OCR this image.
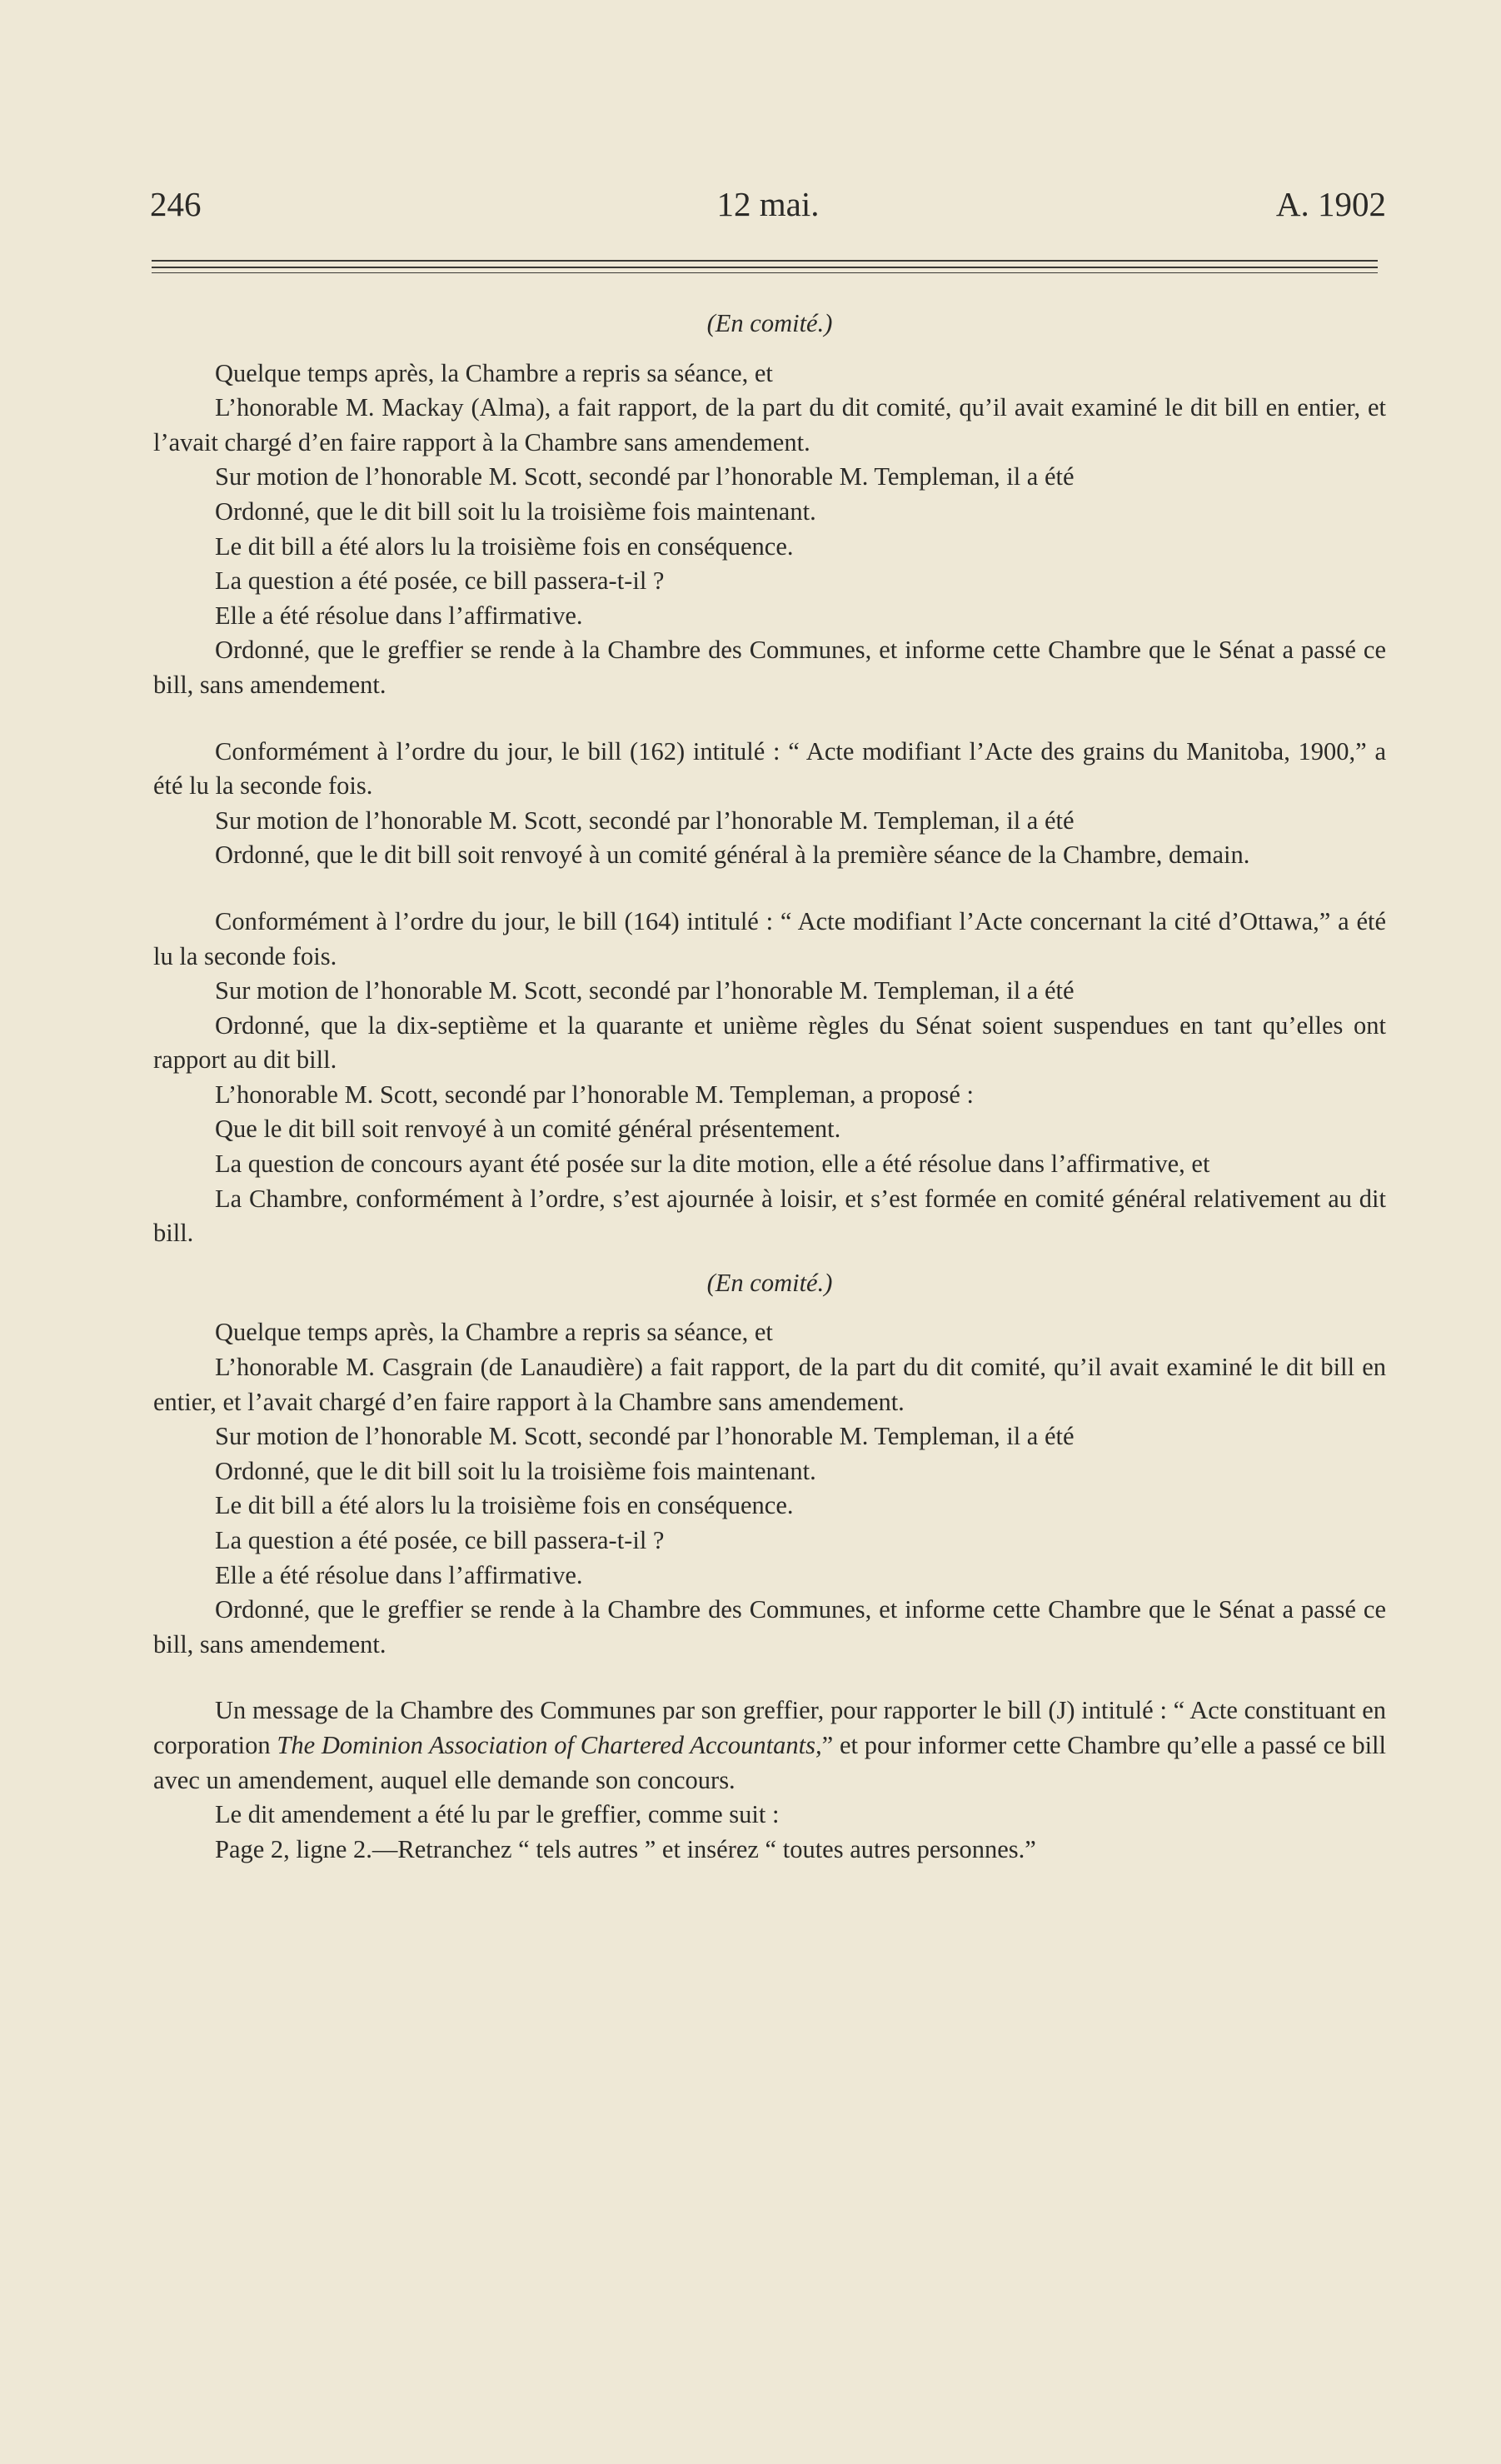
246	12 mai.	A. 1902

(En comité.)

Quelque temps après, la Chambre a repris sa séance, et

L’honorable M. Mackay (Alma), a fait rapport, de la part du dit comité, qu’il avait examiné le dit bill en entier, et l’avait chargé d’en faire rapport à la Chambre sans amendement.

Sur motion de l’honorable M. Scott, secondé par l’honorable M. Templeman, il a été

Ordonné, que le dit bill soit lu la troisième fois maintenant.

Le dit bill a été alors lu la troisième fois en conséquence.

La question a été posée, ce bill passera-t-il ?

Elle a été résolue dans l’affirmative.

Ordonné, que le greffier se rende à la Chambre des Communes, et informe cette Chambre que le Sénat a passé ce bill, sans amendement.

Conformément à l’ordre du jour, le bill (162) intitulé : “ Acte modifiant l’Acte des grains du Manitoba, 1900,” a été lu la seconde fois.

Sur motion de l’honorable M. Scott, secondé par l’honorable M. Templeman, il a été

Ordonné, que le dit bill soit renvoyé à un comité général à la première séance de la Chambre, demain.

Conformément à l’ordre du jour, le bill (164) intitulé : “ Acte modifiant l’Acte concernant la cité d’Ottawa,” a été lu la seconde fois.

Sur motion de l’honorable M. Scott, secondé par l’honorable M. Templeman, il a été

Ordonné, que la dix-septième et la quarante et unième règles du Sénat soient suspendues en tant qu’elles ont rapport au dit bill.

L’honorable M. Scott, secondé par l’honorable M. Templeman, a proposé :

Que le dit bill soit renvoyé à un comité général présentement.

La question de concours ayant été posée sur la dite motion, elle a été résolue dans l’affirmative, et

La Chambre, conformément à l’ordre, s’est ajournée à loisir, et s’est formée en comité général relativement au dit bill.

(En comité.)

Quelque temps après, la Chambre a repris sa séance, et

L’honorable M. Casgrain (de Lanaudière) a fait rapport, de la part du dit comité, qu’il avait examiné le dit bill en entier, et l’avait chargé d’en faire rapport à la Chambre sans amendement.

Sur motion de l’honorable M. Scott, secondé par l’honorable M. Templeman, il a été

Ordonné, que le dit bill soit lu la troisième fois maintenant.

Le dit bill a été alors lu la troisième fois en conséquence.

La question a été posée, ce bill passera-t-il ?

Elle a été résolue dans l’affirmative.

Ordonné, que le greffier se rende à la Chambre des Communes, et informe cette Chambre que le Sénat a passé ce bill, sans amendement.

Un message de la Chambre des Communes par son greffier, pour rapporter le bill (J) intitulé : “ Acte constituant en corporation The Dominion Association of Chartered Accountants,” et pour informer cette Chambre qu’elle a passé ce bill avec un amendement, auquel elle demande son concours.

Le dit amendement a été lu par le greffier, comme suit :

Page 2, ligne 2.—Retranchez “ tels autres ” et insérez “ toutes autres personnes.”
